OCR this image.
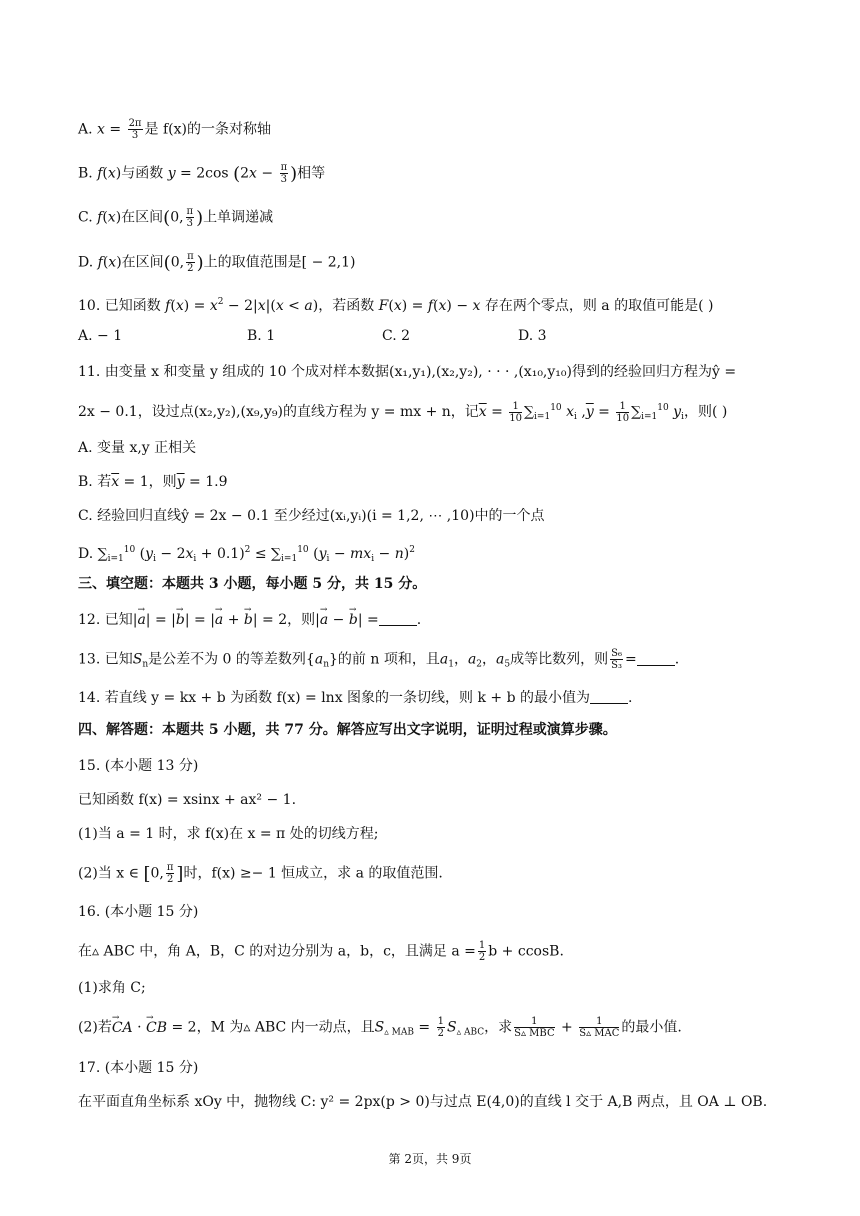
A. $x = \frac{2\pi}{3}$ 是 f(x)的一条对称轴
B. f(x)与函数 y = 2cos ($2x - \frac{\pi}{3}$ )相等
C. f(x)在区间(0, $\frac{\pi}{3}$ )上单调递减
D. f(x)在区间(0, $\frac{\pi}{2}$ )上的取值范围是[ − 2,1)
10. 已知函数 $f(x) = x^2 - 2|x|(x < a)$，若函数 F(x) = f(x) − x 存在两个零点，则 a 的取值可能是( )
A. − 1	B. 1	C. 2	D. 3
11. 由变量 x 和变量 y 组成的 10 个成对样本数据(x₁,y₁),(x₂,y₂), · · · ,(x₁₀,y₁₀)得到的经验回归方程为ŷ =
2x − 0.1，设过点(x₂,y₂),(x₉,y₉)的直线方程为 y = mx + n，记$\overline{x} = \frac{1}{10} \sum_{i=1}^{10}$ $x_i$ $,\overline{y} = \frac{1}{10} \sum_{i=1}^{10}$ $y_i$，则( )
A. 变量 x,y 正相关
B. 若$\overline{x} = 1$，则$\overline{y} = 1.9$
C. 经验回归直线ŷ = 2x − 0.1 至少经过(xᵢ,yᵢ)(i = 1,2, ⋯ ,10)中的一个点
D. $\sum_{i=1}^{10}$ $(y_i - 2x_i + 0.1)^2 \le \sum_{i=1}^{10}$ $(y_i - mx_i - n)^2$
三、填空题：本题共 3 小题，每小题 5 分，共 15 分。
12. 已知|→ a| = |→ b| = |→ a + → b| = 2，则|→ a − → b| =	.
13. 已知$S_n$是公差不为 0 的等差数列$\{a_n\}$的前 n 项和，且$a_1$，$a_2$，$a_5$成等比数列，则 $\frac{\text{S₆}}{\text{S₃}}$ =	.
14. 若直线 y = kx + b 为函数 f(x) = lnx 图象的一条切线，则 k + b 的最小值为	.
四、解答题：本题共 5 小题，共 77 分。解答应写出文字说明，证明过程或演算步骤。
15. (本小题 13 分)
已知函数 f(x) = xsinx + ax² − 1.
(1)当 a = 1 时，求 f(x)在 x = π 处的切线方程;
(2)当 x ∈ [0, $\frac{\pi}{2}$ ]时，f(x) ≥− 1 恒成立，求 a 的取值范围.
16. (本小题 15 分)
在▵ ABC 中，角 A，B，C 的对边分别为 a，b，c，且满足 $a = \frac{1}{2}$ b + ccosB.
(1)求角 C;
(2)若→ CA · → CB = 2，M 为▵ ABC 内一动点，且$S_{▵ MAB} = \frac{1}{2} S_{▵ ABC}$，求 $\frac{1}{\text{S▵ MBC}} + \frac{1}{\text{S▵ MAC}}$ 的最小值.
17. (本小题 15 分)
在平面直角坐标系 xOy 中，抛物线 C: y² = 2px(p > 0)与过点 E(4,0)的直线 l 交于 A,B 两点，且 OA ⊥ OB.
第 2页，共 9页
